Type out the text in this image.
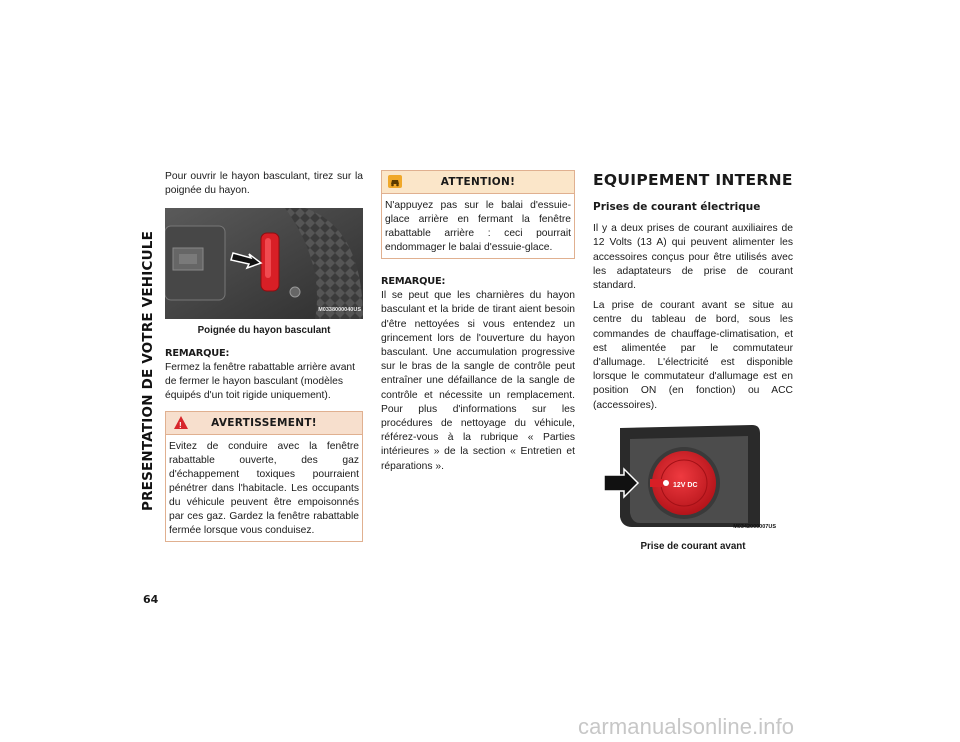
PRESENTATION DE VOTRE VEHICULE
64

Pour ouvrir le hayon basculant, tirez sur la poignée du hayon.

M0338000040US
Poignée du hayon basculant
REMARQUE:

Fermez la fenêtre rabattable arrière avant de fermer le hayon basculant (modèles équipés d'un toit rigide uniquement).

!	AVERTISSEMENT!

Evitez de conduire avec la fenêtre rabattable ouverte, des gaz d'échappement toxiques pourraient pénétrer dans l'habitacle. Les occupants du véhicule peuvent être empoisonnés par ces gaz. Gardez la fenêtre rabattable fermée lorsque vous conduisez.

ATTENTION!

N'appuyez pas sur le balai d'essuie-glace arrière en fermant la fenêtre rabattable arrière : ceci pourrait endommager le balai d'essuie-glace.

REMARQUE:

Il se peut que les charnières du hayon basculant et la bride de tirant aient besoin d'être nettoyées si vous entendez un grincement lors de l'ouverture du hayon basculant. Une accumulation progressive sur le bras de la sangle de contrôle peut entraîner une défaillance de la sangle de contrôle et nécessite un remplacement. Pour plus d'informations sur les procédures de nettoyage du véhicule, référez-vous à la rubrique « Parties intérieures » de la section « Entretien et réparations ».

EQUIPEMENT INTERNE
Prises de courant électrique

Il y a deux prises de courant auxiliaires de 12 Volts (13 A) qui peuvent alimenter les accessoires conçus pour être utilisés avec les adaptateurs de prise de courant standard.

La prise de courant avant se situe au centre du tableau de bord, sous les commandes de chauffage-climatisation, et est alimentée par le commutateur d'allumage. L'électricité est disponible lorsque le commutateur d'allumage est en position ON (en fonction) ou ACC (accessoires).

12V DC
M0342000007US
Prise de courant avant
carmanualsonline.info
